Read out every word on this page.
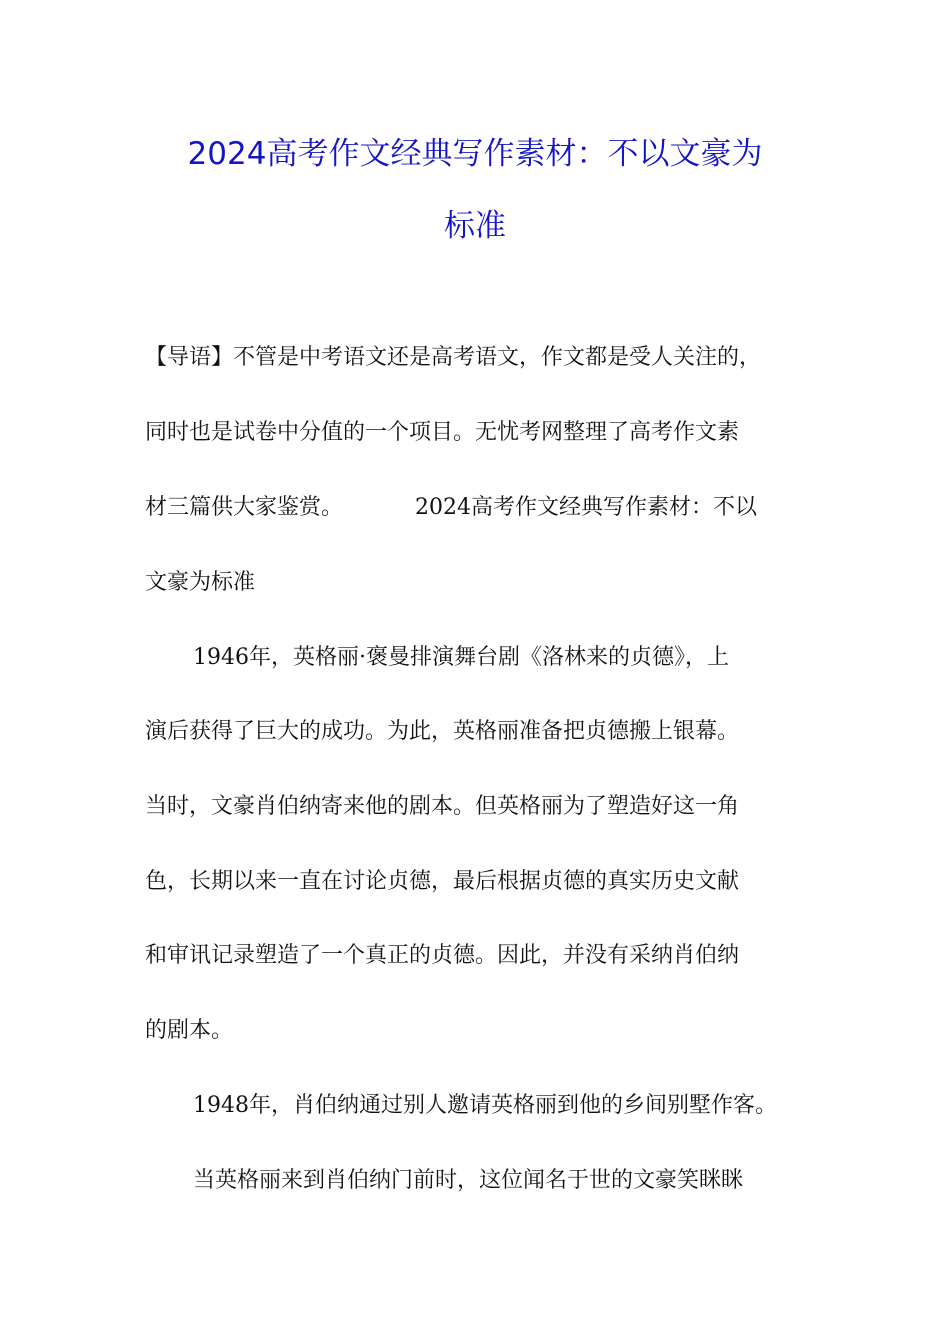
2024高考作文经典写作素材：不以文豪为
标准
【导语】不管是中考语文还是高考语文，作文都是受人关注的，
同时也是试卷中分值的一个项目。无忧考网整理了高考作文素
材三篇供大家鉴赏。	2024高考作文经典写作素材：不以
文豪为标准
1946年，英格丽·褒曼排演舞台剧《洛林来的贞德》，上
演后获得了巨大的成功。为此，英格丽准备把贞德搬上银幕。
当时，文豪肖伯纳寄来他的剧本。但英格丽为了塑造好这一角
色，长期以来一直在讨论贞德，最后根据贞德的真实历史文献
和审讯记录塑造了一个真正的贞德。因此，并没有采纳肖伯纳
的剧本。
1948年，肖伯纳通过别人邀请英格丽到他的乡间别墅作客。
当英格丽来到肖伯纳门前时，这位闻名于世的文豪笑眯眯
